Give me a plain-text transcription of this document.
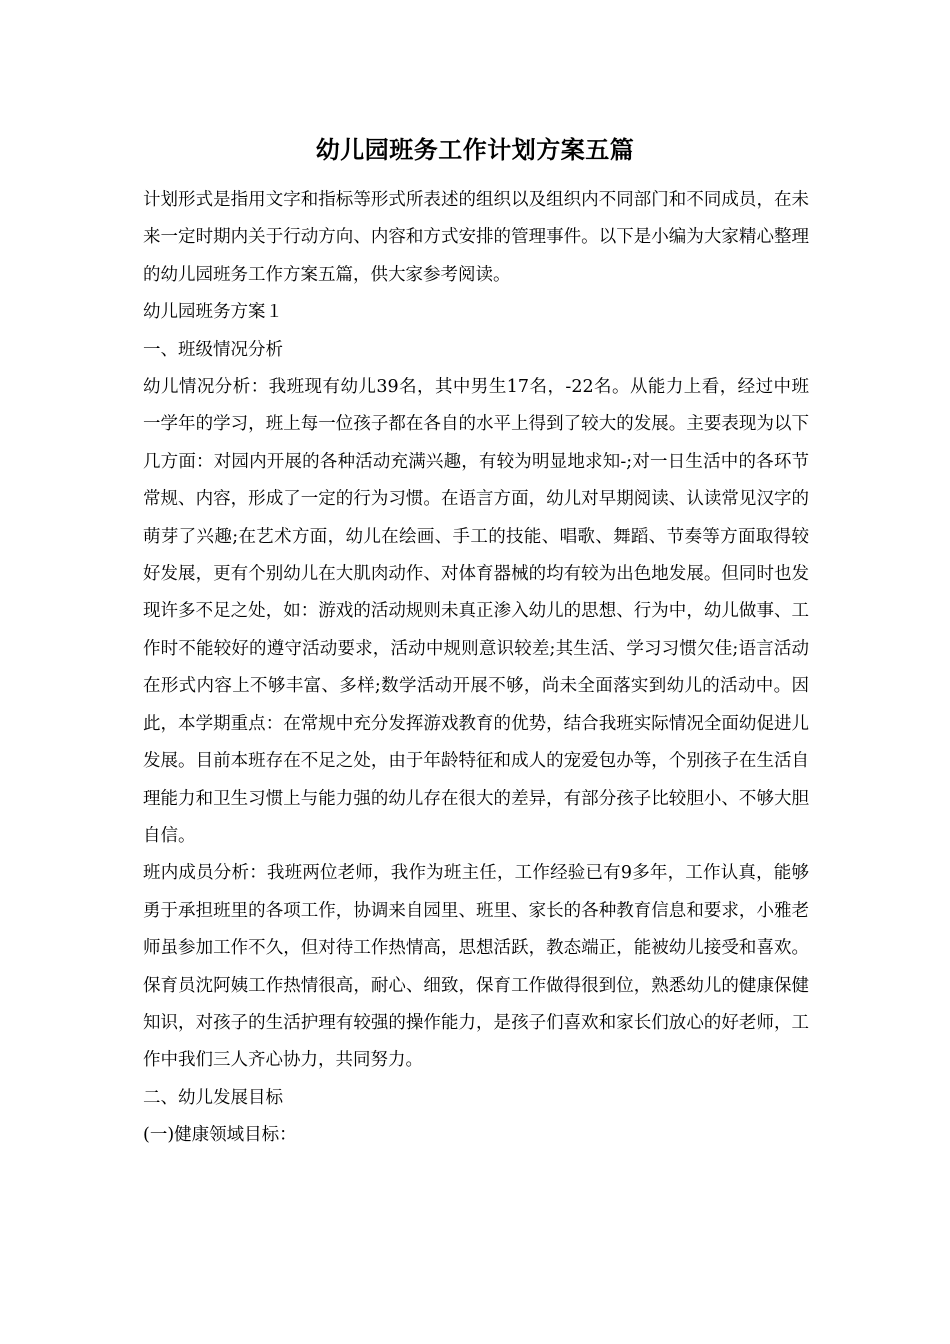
幼儿园班务工作计划方案五篇

计划形式是指用文字和指标等形式所表述的组织以及组织内不同部门和不同成员，在未来一定时期内关于行动方向、内容和方式安排的管理事件。以下是小编为大家精心整理的幼儿园班务工作方案五篇，供大家参考阅读。

幼儿园班务方案１

一、班级情况分析

幼儿情况分析：我班现有幼儿39名，其中男生17名，-22名。从能力上看，经过中班一学年的学习，班上每一位孩子都在各自的水平上得到了较大的发展。主要表现为以下几方面：对园内开展的各种活动充满兴趣，有较为明显地求知-;对一日生活中的各环节常规、内容，形成了一定的行为习惯。在语言方面，幼儿对早期阅读、认读常见汉字的萌芽了兴趣;在艺术方面，幼儿在绘画、手工的技能、唱歌、舞蹈、节奏等方面取得较好发展，更有个别幼儿在大肌肉动作、对体育器械的均有较为出色地发展。但同时也发现许多不足之处，如：游戏的活动规则未真正渗入幼儿的思想、行为中，幼儿做事、工作时不能较好的遵守活动要求，活动中规则意识较差;其生活、学习习惯欠佳;语言活动在形式内容上不够丰富、多样;数学活动开展不够，尚未全面落实到幼儿的活动中。因此，本学期重点：在常规中充分发挥游戏教育的优势，结合我班实际情况全面幼促进儿发展。目前本班存在不足之处，由于年龄特征和成人的宠爱包办等，个别孩子在生活自理能力和卫生习惯上与能力强的幼儿存在很大的差异，有部分孩子比较胆小、不够大胆自信。

班内成员分析：我班两位老师，我作为班主任，工作经验已有9多年，工作认真，能够勇于承担班里的各项工作，协调来自园里、班里、家长的各种教育信息和要求，小雅老师虽参加工作不久，但对待工作热情高，思想活跃，教态端正，能被幼儿接受和喜欢。保育员沈阿姨工作热情很高，耐心、细致，保育工作做得很到位，熟悉幼儿的健康保健知识，对孩子的生活护理有较强的操作能力，是孩子们喜欢和家长们放心的好老师，工作中我们三人齐心协力，共同努力。

二、幼儿发展目标

(一)健康领域目标：
